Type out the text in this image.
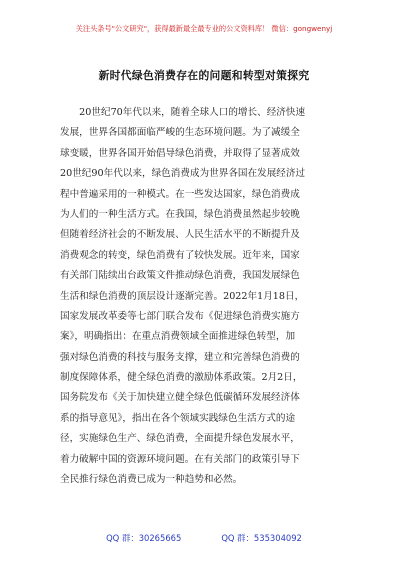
关注头条号"公文研究"，获得最新最全最专业的公文资料库！ 微信：gongwenyj
新时代绿色消费存在的问题和转型对策探究
　　20世纪70年代以来，随着全球人口的增长、经济快速
发展，世界各国都面临严峻的生态环境问题。为了减缓全
球变暖，世界各国开始倡导绿色消费，并取得了显著成效
20世纪90年代以来，绿色消费成为世界各国在发展经济过
程中普遍采用的一种模式。在一些发达国家，绿色消费成
为人们的一种生活方式。在我国，绿色消费虽然起步较晚
但随着经济社会的不断发展、人民生活水平的不断提升及
消费观念的转变，绿色消费有了较快发展。近年来，国家
有关部门陆续出台政策文件推动绿色消费，我国发展绿色
生活和绿色消费的顶层设计逐渐完善。2022年1月18日，
国家发展改革委等七部门联合发布《促进绿色消费实施方
案》，明确指出：在重点消费领域全面推进绿色转型，加
强对绿色消费的科技与服务支撑，建立和完善绿色消费的
制度保障体系，健全绿色消费的激励体系政策。2月2日，
国务院发布《关于加快建立健全绿色低碳循环发展经济体
系的指导意见》，指出在各个领域实践绿色生活方式的途
径，实施绿色生产、绿色消费，全面提升绿色发展水平，
着力破解中国的资源环境问题。在有关部门的政策引导下
全民推行绿色消费已成为一种趋势和必然。
QQ 群：30265665	QQ 群：535304092
